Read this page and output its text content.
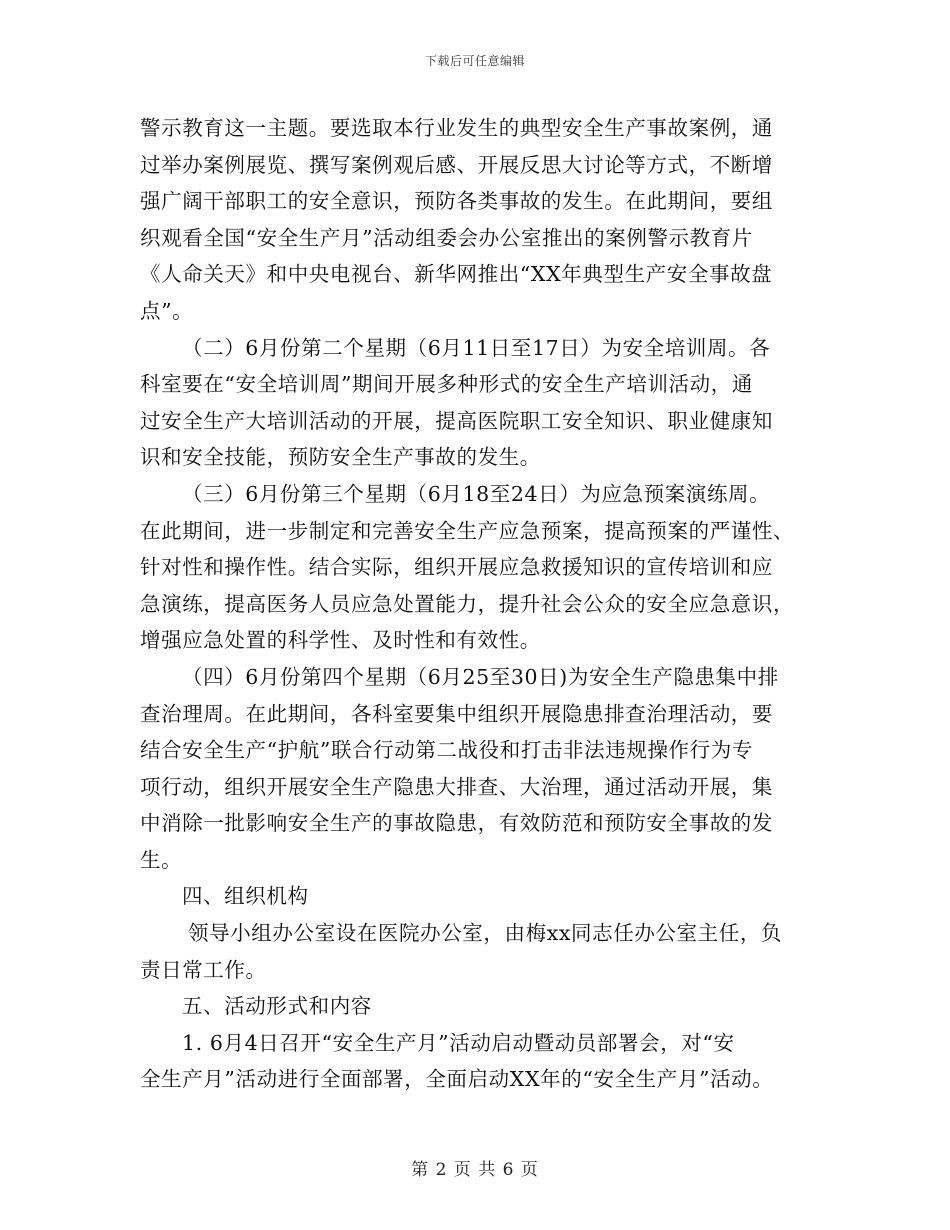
下载后可任意编辑
警示教育这一主题。要选取本行业发生的典型安全生产事故案例，通
过举办案例展览、撰写案例观后感、开展反思大讨论等方式，不断增
强广阔干部职工的安全意识，预防各类事故的发生。在此期间，要组
织观看全国“安全生产月”活动组委会办公室推出的案例警示教育片
《人命关天》和中央电视台、新华网推出“XX年典型生产安全事故盘
点”。
（二）6月份第二个星期（6月11日至17日）为安全培训周。各
科室要在“安全培训周”期间开展多种形式的安全生产培训活动，通
过安全生产大培训活动的开展，提高医院职工安全知识、职业健康知
识和安全技能，预防安全生产事故的发生。
（三）6月份第三个星期（6月18至24日）为应急预案演练周。
在此期间，进一步制定和完善安全生产应急预案，提高预案的严谨性、
针对性和操作性。结合实际，组织开展应急救援知识的宣传培训和应
急演练，提高医务人员应急处置能力，提升社会公众的安全应急意识，
增强应急处置的科学性、及时性和有效性。
（四）6月份第四个星期（6月25至30日)为安全生产隐患集中排
查治理周。在此期间，各科室要集中组织开展隐患排查治理活动，要
结合安全生产“护航”联合行动第二战役和打击非法违规操作行为专
项行动，组织开展安全生产隐患大排查、大治理，通过活动开展，集
中消除一批影响安全生产的事故隐患，有效防范和预防安全事故的发
生。
四、组织机构
领导小组办公室设在医院办公室，由梅xx同志任办公室主任，负
责日常工作。
五、活动形式和内容
1. 6月4日召开“安全生产月”活动启动暨动员部署会，对“安
全生产月”活动进行全面部署，全面启动XX年的“安全生产月”活动。
第 2 页 共 6 页
